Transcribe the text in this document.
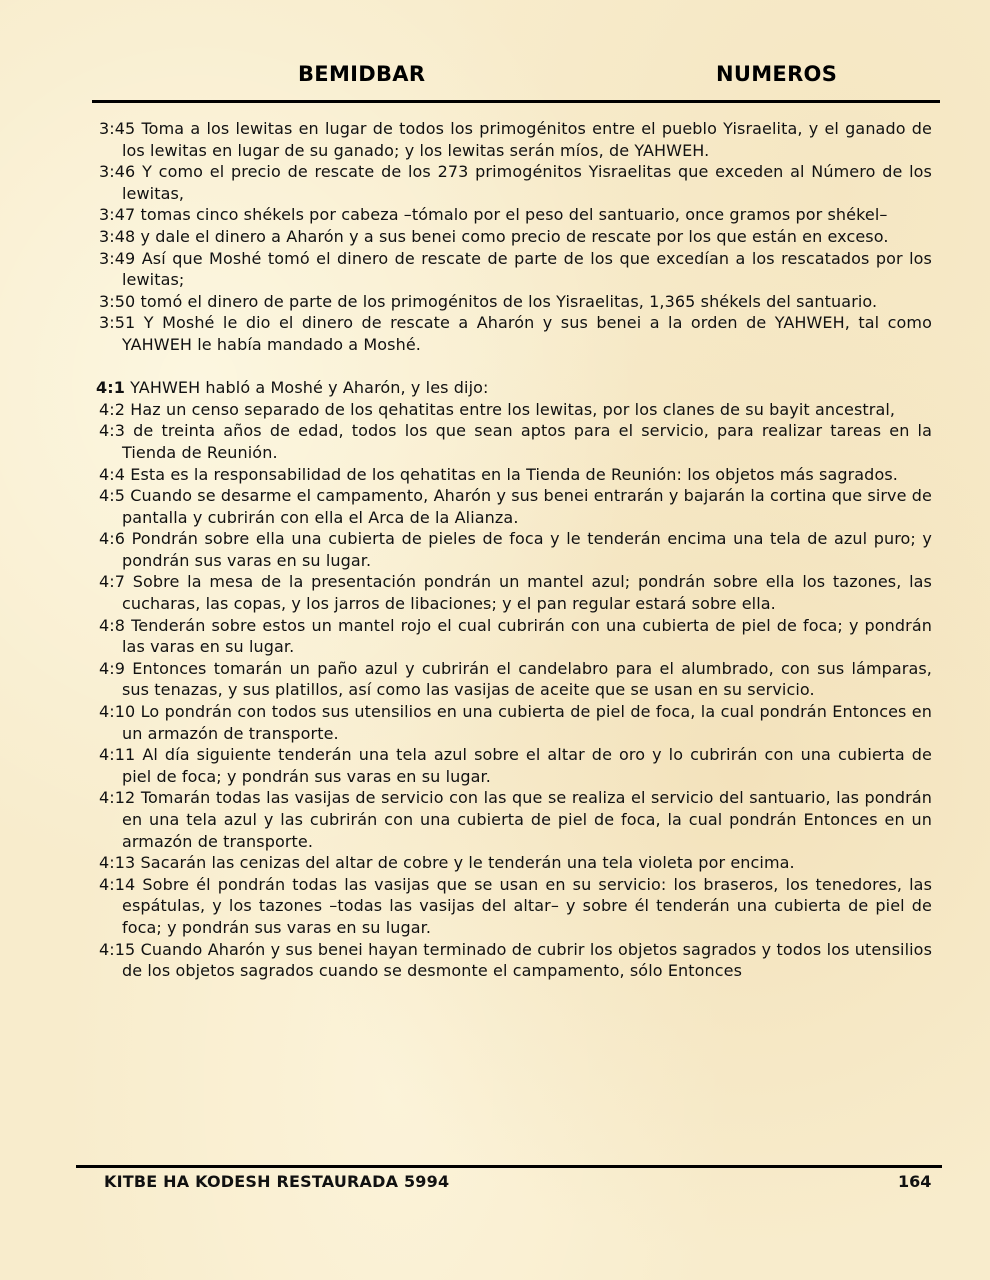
BEMIDBAR	NUMEROS

3:45 Toma a los lewitas en lugar de todos los primogénitos entre el pueblo Yisraelita, y el ganado de los lewitas en lugar de su ganado; y los lewitas serán míos, de YAHWEH.

3:46 Y como el precio de rescate de los 273 primogénitos Yisraelitas que exceden al Número de los lewitas,

3:47 tomas cinco shékels por cabeza –tómalo por el peso del santuario, once gramos por shékel–

3:48 y dale el dinero a Aharón y a sus benei como precio de rescate por los que están en exceso.

3:49 Así que Moshé tomó el dinero de rescate de parte de los que excedían a los rescatados por los lewitas;

3:50 tomó el dinero de parte de los primogénitos de los Yisraelitas, 1,365 shékels del santuario.

3:51 Y Moshé le dio el dinero de rescate a Aharón y sus benei a la orden de YAHWEH, tal como YAHWEH le había mandado a Moshé.

4:1 YAHWEH habló a Moshé y Aharón, y les dijo:

4:2 Haz un censo separado de los qehatitas entre los lewitas, por los clanes de su bayit ancestral,

4:3 de treinta años de edad, todos los que sean aptos para el servicio, para realizar tareas en la Tienda de Reunión.

4:4 Esta es la responsabilidad de los qehatitas en la Tienda de Reunión: los objetos más sagrados.

4:5 Cuando se desarme el campamento, Aharón y sus benei entrarán y bajarán la cortina que sirve de pantalla y cubrirán con ella el Arca de la Alianza.

4:6 Pondrán sobre ella una cubierta de pieles de foca y le tenderán encima una tela de azul puro; y pondrán sus varas en su lugar.

4:7 Sobre la mesa de la presentación pondrán un mantel azul; pondrán sobre ella los tazones, las cucharas, las copas, y los jarros de libaciones; y el pan regular estará sobre ella.

4:8 Tenderán sobre estos un mantel rojo el cual cubrirán con una cubierta de piel de foca; y pondrán las varas en su lugar.

4:9 Entonces tomarán un paño azul y cubrirán el candelabro para el alumbrado, con sus lámparas, sus tenazas, y sus platillos, así como las vasijas de aceite que se usan en su servicio.

4:10 Lo pondrán con todos sus utensilios en una cubierta de piel de foca, la cual pondrán Entonces en un armazón de transporte.

4:11 Al día siguiente tenderán una tela azul sobre el altar de oro y lo cubrirán con una cubierta de piel de foca; y pondrán sus varas en su lugar.

4:12 Tomarán todas las vasijas de servicio con las que se realiza el servicio del santuario, las pondrán en una tela azul y las cubrirán con una cubierta de piel de foca, la cual pondrán Entonces en un armazón de transporte.

4:13 Sacarán las cenizas del altar de cobre y le tenderán una tela violeta por encima.

4:14 Sobre él pondrán todas las vasijas que se usan en su servicio: los braseros, los tenedores, las espátulas, y los tazones –todas las vasijas del altar– y sobre él tenderán una cubierta de piel de foca; y pondrán sus varas en su lugar.

4:15 Cuando Aharón y sus benei hayan terminado de cubrir los objetos sagrados y todos los utensilios de los objetos sagrados cuando se desmonte el campamento, sólo Entonces

KITBE HA KODESH RESTAURADA 5994	164
